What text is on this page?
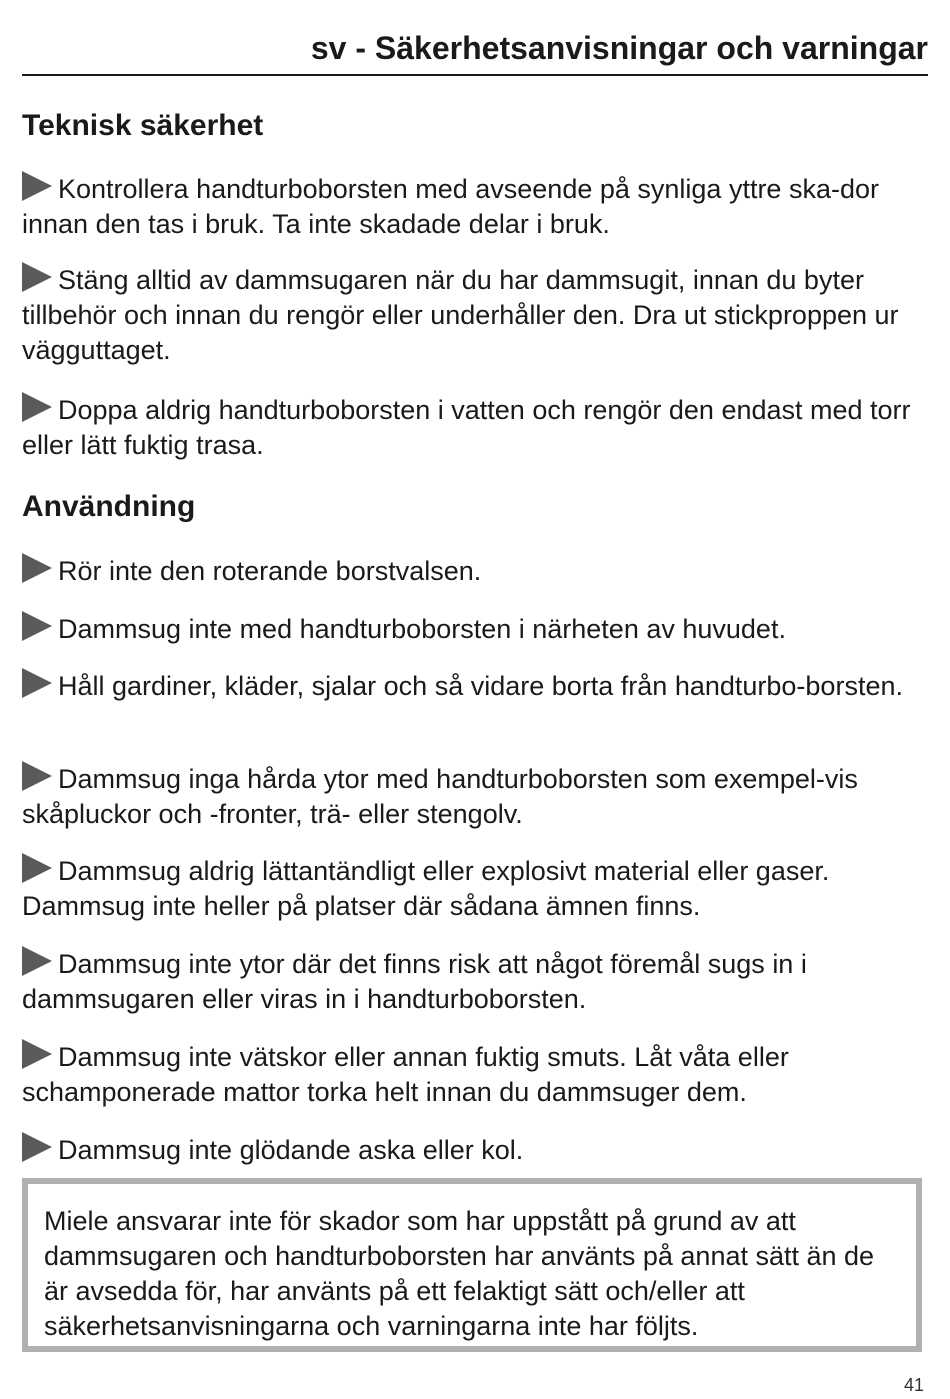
sv - Säkerhetsanvisningar och varningar
Teknisk säkerhet

Kontrollera handturboborsten med avseende på synliga yttre ska-dor innan den tas i bruk. Ta inte skadade delar i bruk.

Stäng alltid av dammsugaren när du har dammsugit, innan du byter tillbehör och innan du rengör eller underhåller den. Dra ut stickproppen ur vägguttaget.

Doppa aldrig handturboborsten i vatten och rengör den endast med torr eller lätt fuktig trasa.

Användning

Rör inte den roterande borstvalsen.

Dammsug inte med handturboborsten i närheten av huvudet.

Håll gardiner, kläder, sjalar och så vidare borta från handturbo-borsten.

Dammsug inga hårda ytor med handturboborsten som exempel-vis skåpluckor och -fronter, trä- eller stengolv.

Dammsug aldrig lättantändligt eller explosivt material eller gaser. Dammsug inte heller på platser där sådana ämnen finns.

Dammsug inte ytor där det finns risk att något föremål sugs in i dammsugaren eller viras in i handturboborsten.

Dammsug inte vätskor eller annan fuktig smuts. Låt våta eller schamponerade mattor torka helt innan du dammsuger dem.

Dammsug inte glödande aska eller kol.

Miele ansvarar inte för skador som har uppstått på grund av att dammsugaren och handturboborsten har använts på annat sätt än de är avsedda för, har använts på ett felaktigt sätt och/eller att säkerhetsanvisningarna och varningarna inte har följts.
41
